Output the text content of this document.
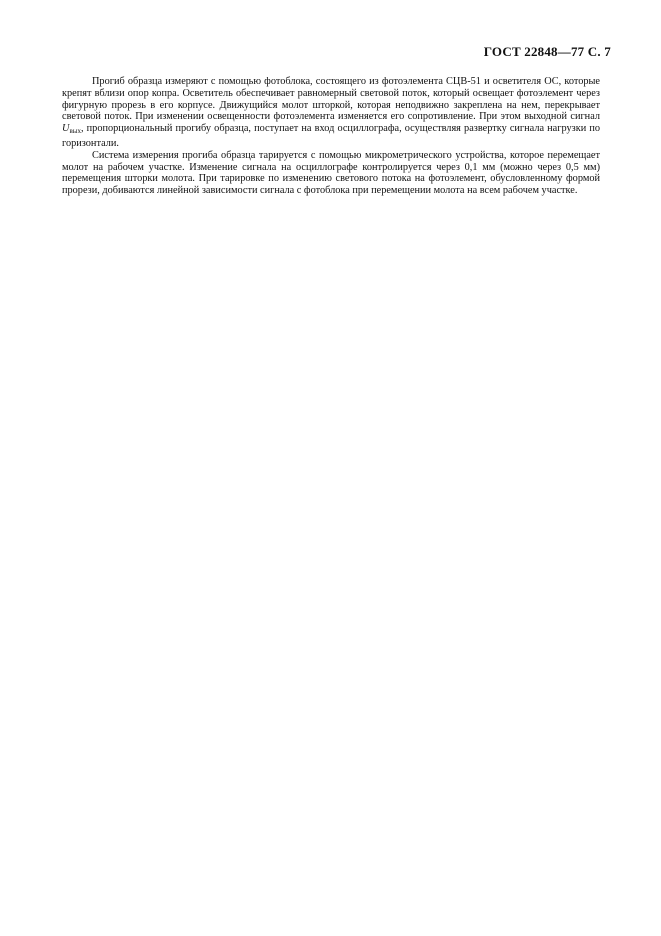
ГОСТ 22848—77 С. 7

Прогиб образца измеряют с помощью фотоблока, состоящего из фотоэлемента СЦВ-51 и осветителя ОС, которые крепят вблизи опор копра. Осветитель обеспечивает равномерный световой поток, который освещает фотоэлемент через фигурную прорезь в его корпусе. Движущийся молот шторкой, которая неподвижно закреплена на нем, перекрывает световой поток. При изменении освещенности фотоэлемента изменяется его сопротивление. При этом выходной сигнал $U_{вых}$, пропорциональный прогибу образца, поступает на вход осциллографа, осуществляя развертку сигнала нагрузки по горизонтали.

Система измерения прогиба образца тарируется с помощью микрометрического устройства, которое перемещает молот на рабочем участке. Изменение сигнала на осциллографе контролируется через 0,1 мм (можно через 0,5 мм) перемещения шторки молота. При тарировке по изменению светового потока на фотоэлемент, обусловленному формой прорези, добиваются линейной зависимости сигнала с фотоблока при перемещении молота на всем рабочем участке.
